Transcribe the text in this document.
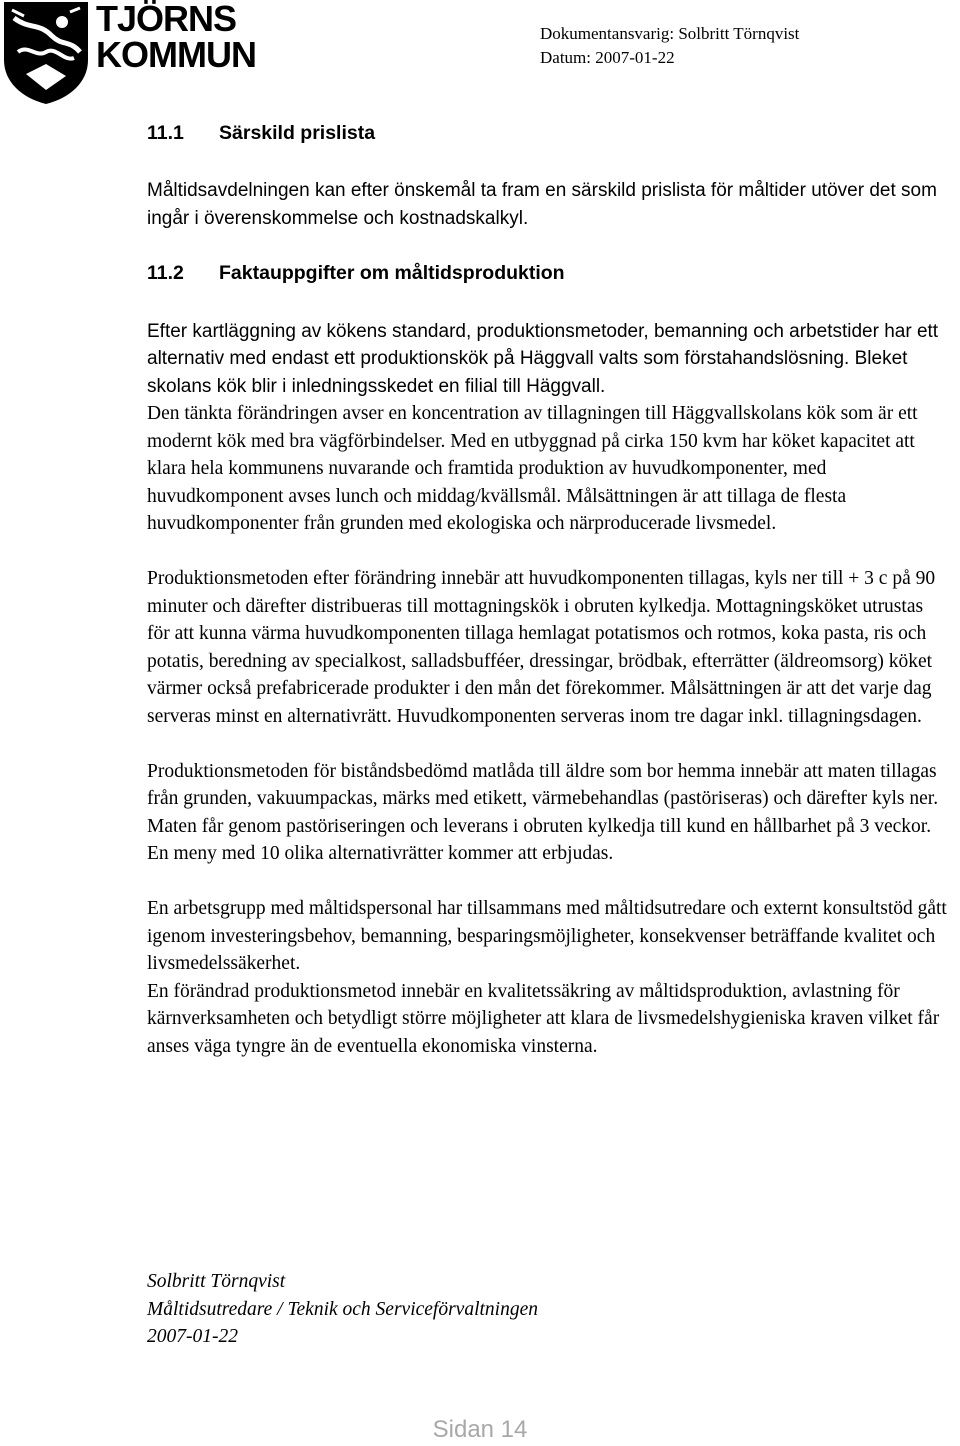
TJÖRNS
KOMMUN
Dokumentansvarig: Solbritt Törnqvist
Datum: 2007-01-22
11.1 Särskild prislista

Måltidsavdelningen kan efter önskemål ta fram en särskild prislista för måltider utöver det som ingår i överenskommelse och kostnadskalkyl.

11.2 Faktauppgifter om måltidsproduktion

Efter kartläggning av kökens standard, produktionsmetoder, bemanning och arbetstider har ett alternativ med endast ett produktionskök på Häggvall valts som förstahandslösning. Bleket skolans kök blir i inledningsskedet en filial till Häggvall.

Den tänkta förändringen avser en koncentration av tillagningen till Häggvallskolans kök som är ett modernt kök med bra vägförbindelser. Med en utbyggnad på cirka 150 kvm har köket kapacitet att klara hela kommunens nuvarande och framtida produktion av huvudkomponenter, med huvudkomponent avses lunch och middag/kvällsmål. Målsättningen är att tillaga de flesta huvudkomponenter från grunden med ekologiska och närproducerade livsmedel.

Produktionsmetoden efter förändring innebär att huvudkomponenten tillagas, kyls ner till + 3 c på 90 minuter och därefter distribueras till mottagningskök i obruten kylkedja. Mottagningsköket utrustas för att kunna värma huvudkomponenten tillaga hemlagat potatismos och rotmos, koka pasta, ris och potatis, beredning av specialkost, salladsbufféer, dressingar, brödbak, efterrätter (äldreomsorg) köket värmer också prefabricerade produkter i den mån det förekommer. Målsättningen är att det varje dag serveras minst en alternativrätt. Huvudkomponenten serveras inom tre dagar inkl. tillagningsdagen.

Produktionsmetoden för biståndsbedömd matlåda till äldre som bor hemma innebär att maten tillagas från grunden, vakuumpackas, märks med etikett, värmebehandlas (pastöriseras) och därefter kyls ner. Maten får genom pastöriseringen och leverans i obruten kylkedja till kund en hållbarhet på 3 veckor.

En meny med 10 olika alternativrätter kommer att erbjudas.

En arbetsgrupp med måltidspersonal har tillsammans med måltidsutredare och externt konsultstöd gått igenom investeringsbehov, bemanning, besparingsmöjligheter, konsekvenser beträffande kvalitet och livsmedelssäkerhet.

En förändrad produktionsmetod innebär en kvalitetssäkring av måltidsproduktion, avlastning för kärnverksamheten och betydligt större möjligheter att klara de livsmedelshygieniska kraven vilket får anses väga tyngre än de eventuella ekonomiska vinsterna.

Solbritt Törnqvist
Måltidsutredare / Teknik och Serviceförvaltningen
2007-01-22
Sidan 14
